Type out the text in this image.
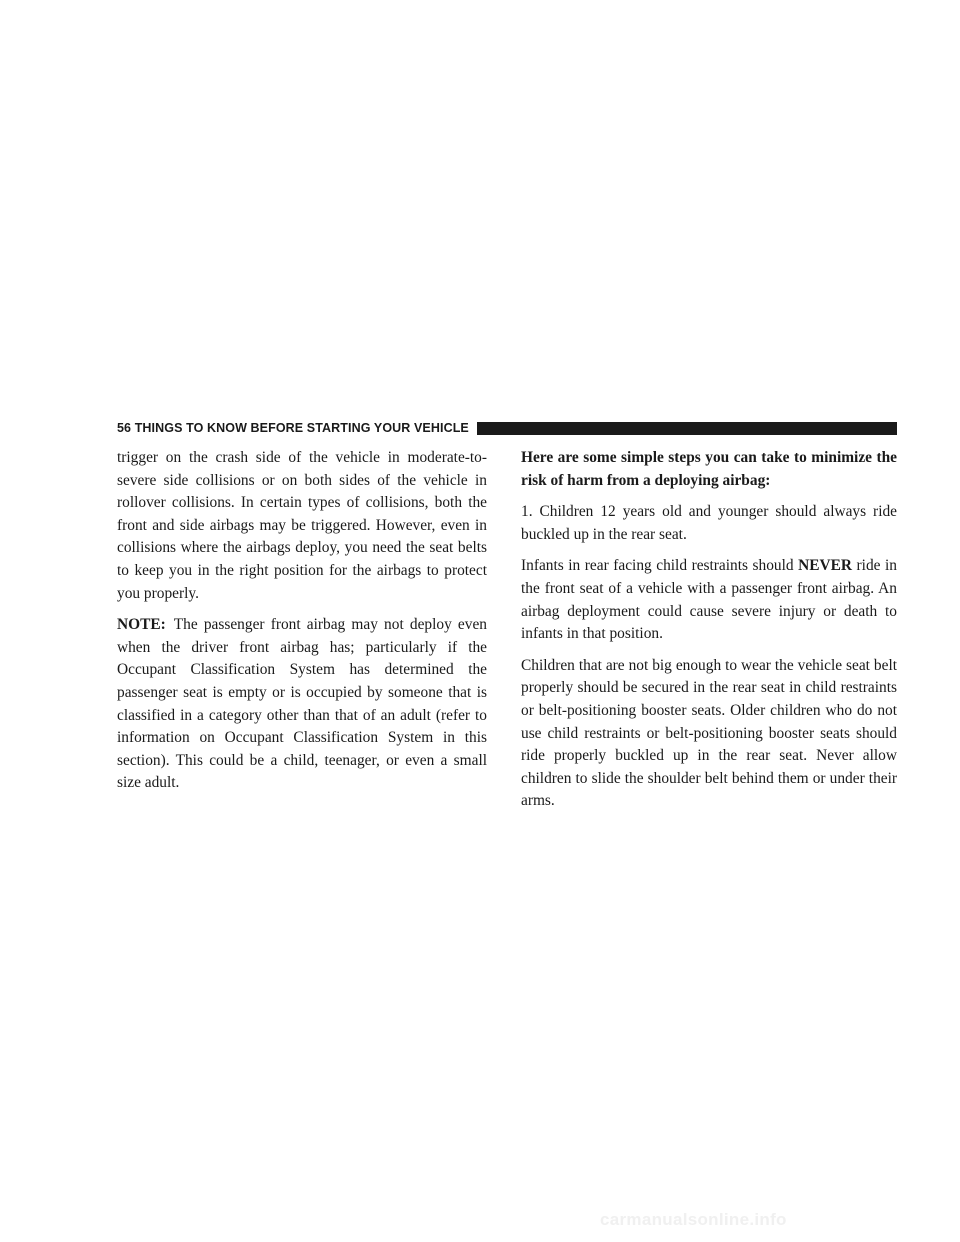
56 THINGS TO KNOW BEFORE STARTING YOUR VEHICLE

trigger on the crash side of the vehicle in moderate-to-severe side collisions or on both sides of the vehicle in rollover collisions. In certain types of collisions, both the front and side airbags may be triggered. However, even in collisions where the airbags deploy, you need the seat belts to keep you in the right position for the airbags to protect you properly.

NOTE: The passenger front airbag may not deploy even when the driver front airbag has; particularly if the Occupant Classification System has determined the passenger seat is empty or is occupied by someone that is classified in a category other than that of an adult (refer to information on Occupant Classification System in this section). This could be a child, teenager, or even a small size adult.

Here are some simple steps you can take to minimize the risk of harm from a deploying airbag:

1. Children 12 years old and younger should always ride buckled up in the rear seat.

Infants in rear facing child restraints should NEVER ride in the front seat of a vehicle with a passenger front airbag. An airbag deployment could cause severe injury or death to infants in that position.

Children that are not big enough to wear the vehicle seat belt properly should be secured in the rear seat in child restraints or belt-positioning booster seats. Older children who do not use child restraints or belt-positioning booster seats should ride properly buckled up in the rear seat. Never allow children to slide the shoulder belt behind them or under their arms.

carmanualsonline.info
